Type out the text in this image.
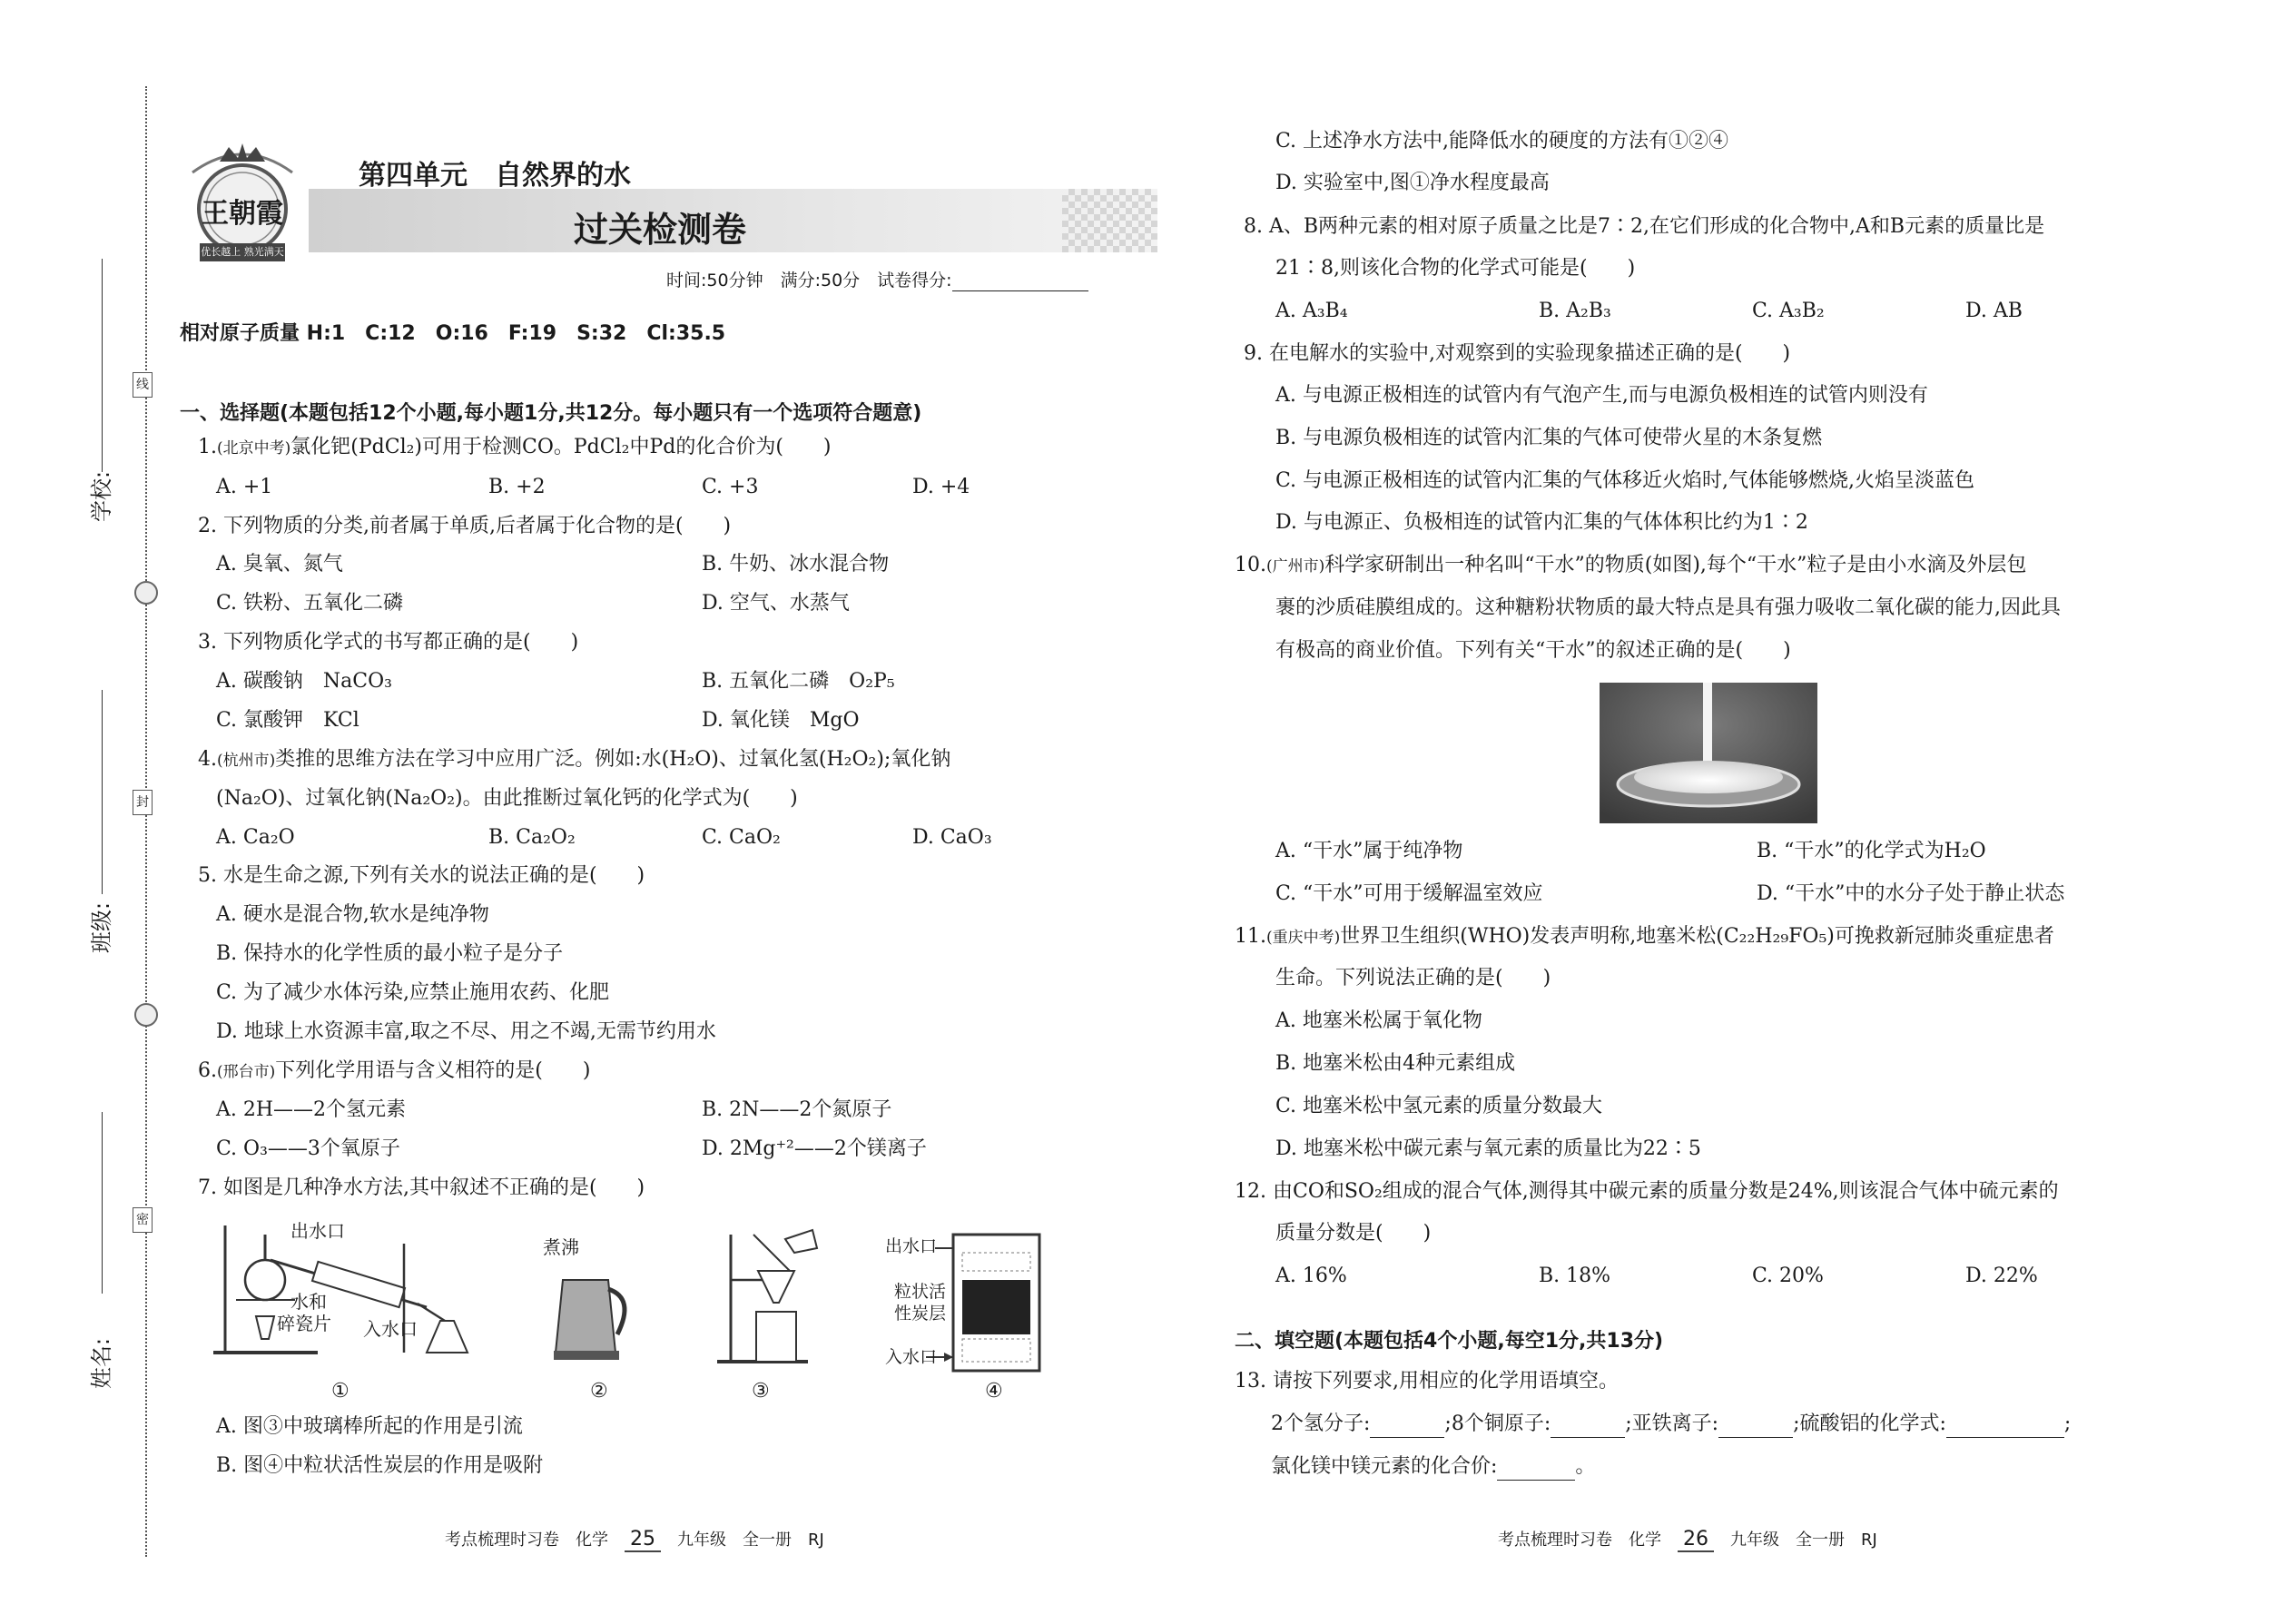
线
封
密
学校:
班级:
姓名:
王朝霞
优长越上 熟光满天
第四单元　自然界的水
过关检测卷
时间:50分钟　满分:50分　试卷得分:
相对原子质量 H:1　C:12　O:16　F:19　S:32　Cl:35.5
一、选择题(本题包括12个小题,每小题1分,共12分。每小题只有一个选项符合题意)
1.(北京中考)氯化钯(PdCl₂)可用于检测CO。PdCl₂中Pd的化合价为(　　)
A. +1	B. +2	C. +3	D. +4
2. 下列物质的分类,前者属于单质,后者属于化合物的是(　　)
A. 臭氧、氮气	B. 牛奶、冰水混合物
C. 铁粉、五氧化二磷	D. 空气、水蒸气
3. 下列物质化学式的书写都正确的是(　　)
A. 碳酸钠　NaCO₃	B. 五氧化二磷　O₂P₅
C. 氯酸钾　KCl	D. 氧化镁　MgO
4.(杭州市)类推的思维方法在学习中应用广泛。例如:水(H₂O)、过氧化氢(H₂O₂);氧化钠
(Na₂O)、过氧化钠(Na₂O₂)。由此推断过氧化钙的化学式为(　　)
A. Ca₂O	B. Ca₂O₂	C. CaO₂	D. CaO₃
5. 水是生命之源,下列有关水的说法正确的是(　　)
A. 硬水是混合物,软水是纯净物
B. 保持水的化学性质的最小粒子是分子
C. 为了减少水体污染,应禁止施用农药、化肥
D. 地球上水资源丰富,取之不尽、用之不竭,无需节约用水
6.(邢台市)下列化学用语与含义相符的是(　　)
A. 2H——2个氢元素	B. 2N——2个氮原子
C. O₃——3个氧原子	D. 2Mg⁺²——2个镁离子
7. 如图是几种净水方法,其中叙述不正确的是(　　)
出水口
水和
碎瓷片 入水口
煮沸	出水口
粒状活
性炭层
入水口
①	②	③	④
A. 图③中玻璃棒所起的作用是引流
B. 图④中粒状活性炭层的作用是吸附
C. 上述净水方法中,能降低水的硬度的方法有①②④
D. 实验室中,图①净水程度最高
8. A、B两种元素的相对原子质量之比是7∶2,在它们形成的化合物中,A和B元素的质量比是
21∶8,则该化合物的化学式可能是(　　)
A. A₃B₄	B. A₂B₃	C. A₃B₂	D. AB
9. 在电解水的实验中,对观察到的实验现象描述正确的是(　　)
A. 与电源正极相连的试管内有气泡产生,而与电源负极相连的试管内则没有
B. 与电源负极相连的试管内汇集的气体可使带火星的木条复燃
C. 与电源正极相连的试管内汇集的气体移近火焰时,气体能够燃烧,火焰呈淡蓝色
D. 与电源正、负极相连的试管内汇集的气体体积比约为1∶2
10.(广州市)科学家研制出一种名叫“干水”的物质(如图),每个“干水”粒子是由小水滴及外层包
裹的沙质硅膜组成的。这种糖粉状物质的最大特点是具有强力吸收二氧化碳的能力,因此具
有极高的商业价值。下列有关“干水”的叙述正确的是(　　)
A. “干水”属于纯净物	B. “干水”的化学式为H₂O
C. “干水”可用于缓解温室效应	D. “干水”中的水分子处于静止状态
11.(重庆中考)世界卫生组织(WHO)发表声明称,地塞米松(C₂₂H₂₉FO₅)可挽救新冠肺炎重症患者
生命。下列说法正确的是(　　)
A. 地塞米松属于氧化物
B. 地塞米松由4种元素组成
C. 地塞米松中氢元素的质量分数最大
D. 地塞米松中碳元素与氧元素的质量比为22∶5
12. 由CO和SO₂组成的混合气体,测得其中碳元素的质量分数是24%,则该混合气体中硫元素的
质量分数是(　　)
A. 16%	B. 18%	C. 20%	D. 22%
二、填空题(本题包括4个小题,每空1分,共13分)
13. 请按下列要求,用相应的化学用语填空。
2个氢分子:	;8个铜原子:	;亚铁离子:	;硫酸铝的化学式:	;
氯化镁中镁元素的化合价:	。
考点梳理时习卷　化学　 25　 九年级　全一册　RJ	考点梳理时习卷　化学　 26　 九年级　全一册　RJ
